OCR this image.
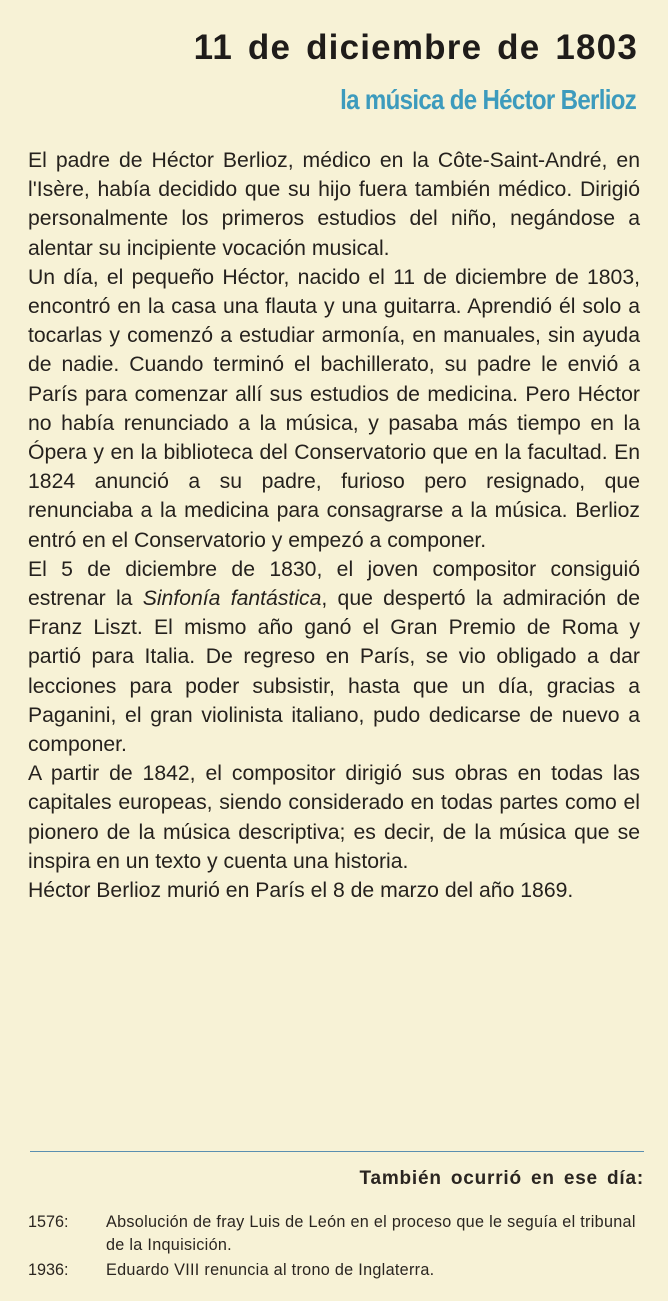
11 de diciembre de 1803
la música de Héctor Berlioz

El padre de Héctor Berlioz, médico en la Côte-Saint-André, en l'Isère, había decidido que su hijo fuera también médico. Dirigió personalmente los primeros estudios del niño, negándose a alentar su incipiente vocación musical.

Un día, el pequeño Héctor, nacido el 11 de diciembre de 1803, encontró en la casa una flauta y una guitarra. Aprendió él solo a tocarlas y comenzó a estudiar armonía, en manuales, sin ayuda de nadie. Cuando terminó el bachillerato, su padre le envió a París para comenzar allí sus estudios de medicina. Pero Héctor no había renunciado a la música, y pasaba más tiempo en la Ópera y en la biblioteca del Conservatorio que en la facultad. En 1824 anunció a su padre, furioso pero resignado, que renunciaba a la medicina para consagrarse a la música. Berlioz entró en el Conservatorio y empezó a componer.

El 5 de diciembre de 1830, el joven compositor consiguió estrenar la Sinfonía fantástica, que despertó la admiración de Franz Liszt. El mismo año ganó el Gran Premio de Roma y partió para Italia. De regreso en París, se vio obligado a dar lecciones para poder subsistir, hasta que un día, gracias a Paganini, el gran violinista italiano, pudo dedicarse de nuevo a componer.

A partir de 1842, el compositor dirigió sus obras en todas las capitales europeas, siendo considerado en todas partes como el pionero de la música descriptiva; es decir, de la música que se inspira en un texto y cuenta una historia.

Héctor Berlioz murió en París el 8 de marzo del año 1869.

También ocurrió en ese día:
1576:	Absolución de fray Luis de León en el proceso que le seguía el tribunal de la Inquisición.
1936:	Eduardo VIII renuncia al trono de Inglaterra.
